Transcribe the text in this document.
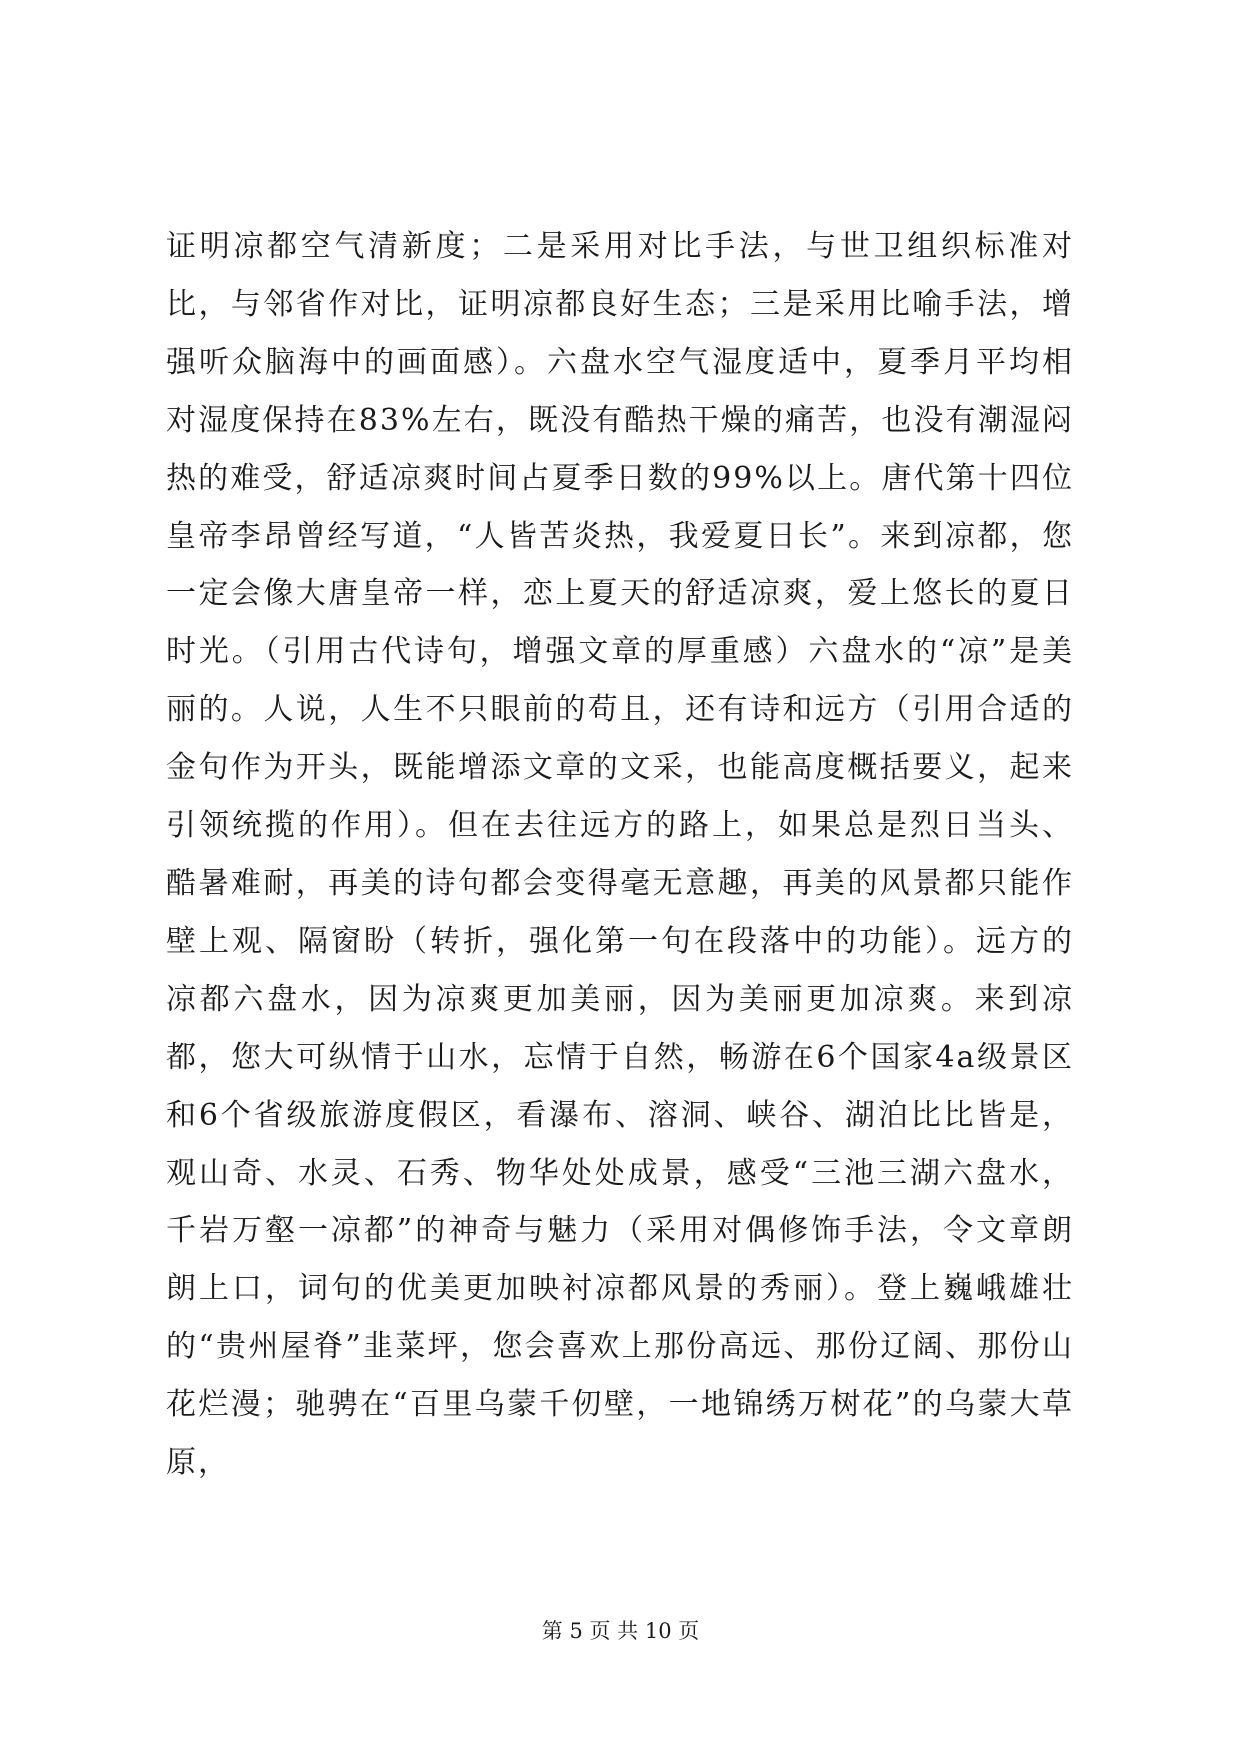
证明凉都空气清新度；二是采用对比手法，与世卫组织标准对比，与邻省作对比，证明凉都良好生态；三是采用比喻手法，增强听众脑海中的画面感）。六盘水空气湿度适中，夏季月平均相对湿度保持在83%左右，既没有酷热干燥的痛苦，也没有潮湿闷热的难受，舒适凉爽时间占夏季日数的99%以上。唐代第十四位皇帝李昂曾经写道，“人皆苦炎热，我爱夏日长”。来到凉都，您一定会像大唐皇帝一样，恋上夏天的舒适凉爽，爱上悠长的夏日时光。（引用古代诗句，增强文章的厚重感）六盘水的“凉”是美丽的。人说，人生不只眼前的苟且，还有诗和远方（引用合适的金句作为开头，既能增添文章的文采，也能高度概括要义，起来引领统揽的作用）。但在去往远方的路上，如果总是烈日当头、酷暑难耐，再美的诗句都会变得毫无意趣，再美的风景都只能作壁上观、隔窗盼（转折，强化第一句在段落中的功能）。远方的凉都六盘水，因为凉爽更加美丽，因为美丽更加凉爽。来到凉都，您大可纵情于山水，忘情于自然，畅游在6个国家4a级景区和6个省级旅游度假区，看瀑布、溶洞、峡谷、湖泊比比皆是，观山奇、水灵、石秀、物华处处成景，感受“三池三湖六盘水，千岩万壑一凉都”的神奇与魅力（采用对偶修饰手法，令文章朗朗上口，词句的优美更加映衬凉都风景的秀丽）。登上巍峨雄壮的“贵州屋脊”韭菜坪，您会喜欢上那份高远、那份辽阔、那份山花烂漫；驰骋在“百里乌蒙千仞壁，一地锦绣万树花”的乌蒙大草原，

第 5 页 共 10 页
